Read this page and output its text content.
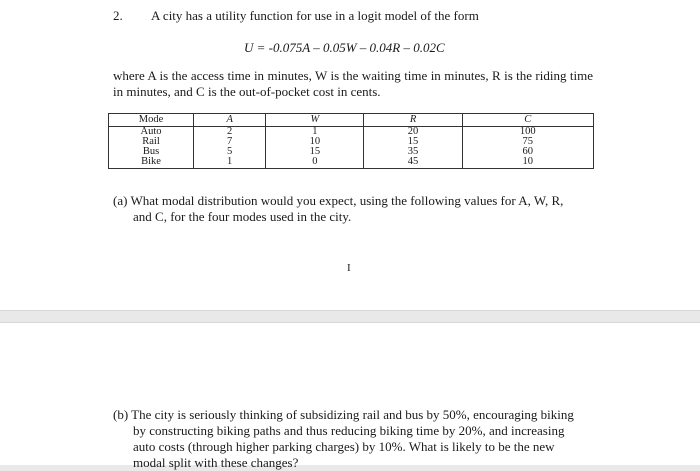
2. A city has a utility function for use in a logit model of the form
U = -0.075A – 0.05W – 0.04R – 0.02C
where A is the access time in minutes, W is the waiting time in minutes, R is the riding time in minutes, and C is the out-of-pocket cost in cents.
Mode	A	W	R	C
Auto	2	1	20	100
Rail	7	10	15	75
Bus	5	15	35	60
Bike	1	0	45	10
(a) What modal distribution would you expect, using the following values for A, W, R,
and C, for the four modes used in the city.
I
(b) The city is seriously thinking of subsidizing rail and bus by 50%, encouraging biking
by constructing biking paths and thus reducing biking time by 20%, and increasing
auto costs (through higher parking charges) by 10%. What is likely to be the new
modal split with these changes?
